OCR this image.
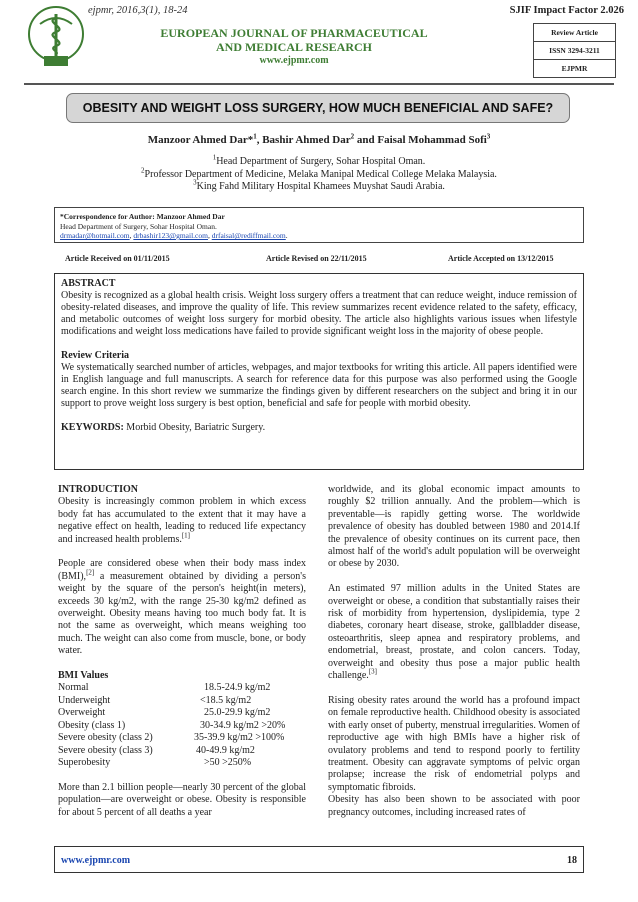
ejpmr, 2016,3(1), 18-24	SJIF Impact Factor 2.026
EUROPEAN JOURNAL OF PHARMACEUTICAL
AND MEDICAL RESEARCH
www.ejpmr.com
Review Article
ISSN 3294-3211
EJPMR
OBESITY AND WEIGHT LOSS SURGERY, HOW MUCH BENEFICIAL AND SAFE?
Manzoor Ahmed Dar*$^1$, Bashir Ahmed Dar$^2$ and Faisal Mohammad Sofi$^3$
$^1$Head Department of Surgery, Sohar Hospital Oman.
$^2$Professor Department of Medicine, Melaka Manipal Medical College Melaka Malaysia.
$^3$King Fahd Military Hospital Khamees Muyshat Saudi Arabia.
*Correspondence for Author: Manzoor Ahmed Dar
Head Department of Surgery, Sohar Hospital Oman.
drmadar@hotmail.com, drbashir123@gmail.com, drfaisal@rediffmail.com.
Article Received on 01/11/2015	Article Revised on 22/11/2015	Article Accepted on 13/12/2015
ABSTRACT

Obesity is recognized as a global health crisis. Weight loss surgery offers a treatment that can reduce weight, induce remission of obesity-related diseases, and improve the quality of life. This review summarizes recent evidence related to the safety, efficacy, and metabolic outcomes of weight loss surgery for morbid obesity. The article also highlights various issues when lifestyle modifications and weight loss medications have failed to provide significant weight loss in the majority of obese people.

Review Criteria

We systematically searched number of articles, webpages, and major textbooks for writing this article. All papers identified were in English language and full manuscripts. A search for reference data for this purpose was also performed using the Google search engine. In this short review we summarize the findings given by different researchers on the subject and bring it in our support to prove weight loss surgery is best option, beneficial and safe for people with morbid obesity.

KEYWORDS: Morbid Obesity, Bariatric Surgery.

INTRODUCTION

Obesity is increasingly common problem in which excess body fat has accumulated to the extent that it may have a negative effect on health, leading to reduced life expectancy and increased health problems.[1]

People are considered obese when their body mass index (BMI),[2] a measurement obtained by dividing a person's weight by the square of the person's height(in meters), exceeds 30 kg/m2, with the range 25-30 kg/m2 defined as overweight. Obesity means having too much body fat. It is not the same as overweight, which means weighing too much. The weight can also come from muscle, bone, or body water.

BMI Values
Normal	18.5-24.9 kg/m2
Underweight	<18.5 kg/m2
Overweight	25.0-29.9 kg/m2
Obesity (class 1)	30-34.9 kg/m2 >20%
Severe obesity (class 2)	35-39.9 kg/m2 >100%
Severe obesity (class 3)	40-49.9 kg/m2
Superobesity	>50 >250%

More than 2.1 billion people—nearly 30 percent of the global population—are overweight or obese. Obesity is responsible for about 5 percent of all deaths a year

worldwide, and its global economic impact amounts to roughly $2 trillion annually. And the problem—which is preventable—is rapidly getting worse. The worldwide prevalence of obesity has doubled between 1980 and 2014.If the prevalence of obesity continues on its current pace, then almost half of the world's adult population will be overweight or obese by 2030.

An estimated 97 million adults in the United States are overweight or obese, a condition that substantially raises their risk of morbidity from hypertension, dyslipidemia, type 2 diabetes, coronary heart disease, stroke, gallbladder disease, osteoarthritis, sleep apnea and respiratory problems, and endometrial, breast, prostate, and colon cancers. Today, overweight and obesity thus pose a major public health challenge.[3]

Rising obesity rates around the world has a profound impact on female reproductive health. Childhood obesity is associated with early onset of puberty, menstrual irregularities. Women of reproductive age with high BMIs have a higher risk of ovulatory problems and tend to respond poorly to fertility treatment. Obesity can aggravate symptoms of pelvic organ prolapse; increase the risk of endometrial polyps and symptomatic fibroids.

Obesity has also been shown to be associated with poor pregnancy outcomes, including increased rates of

www.ejpmr.com	18
